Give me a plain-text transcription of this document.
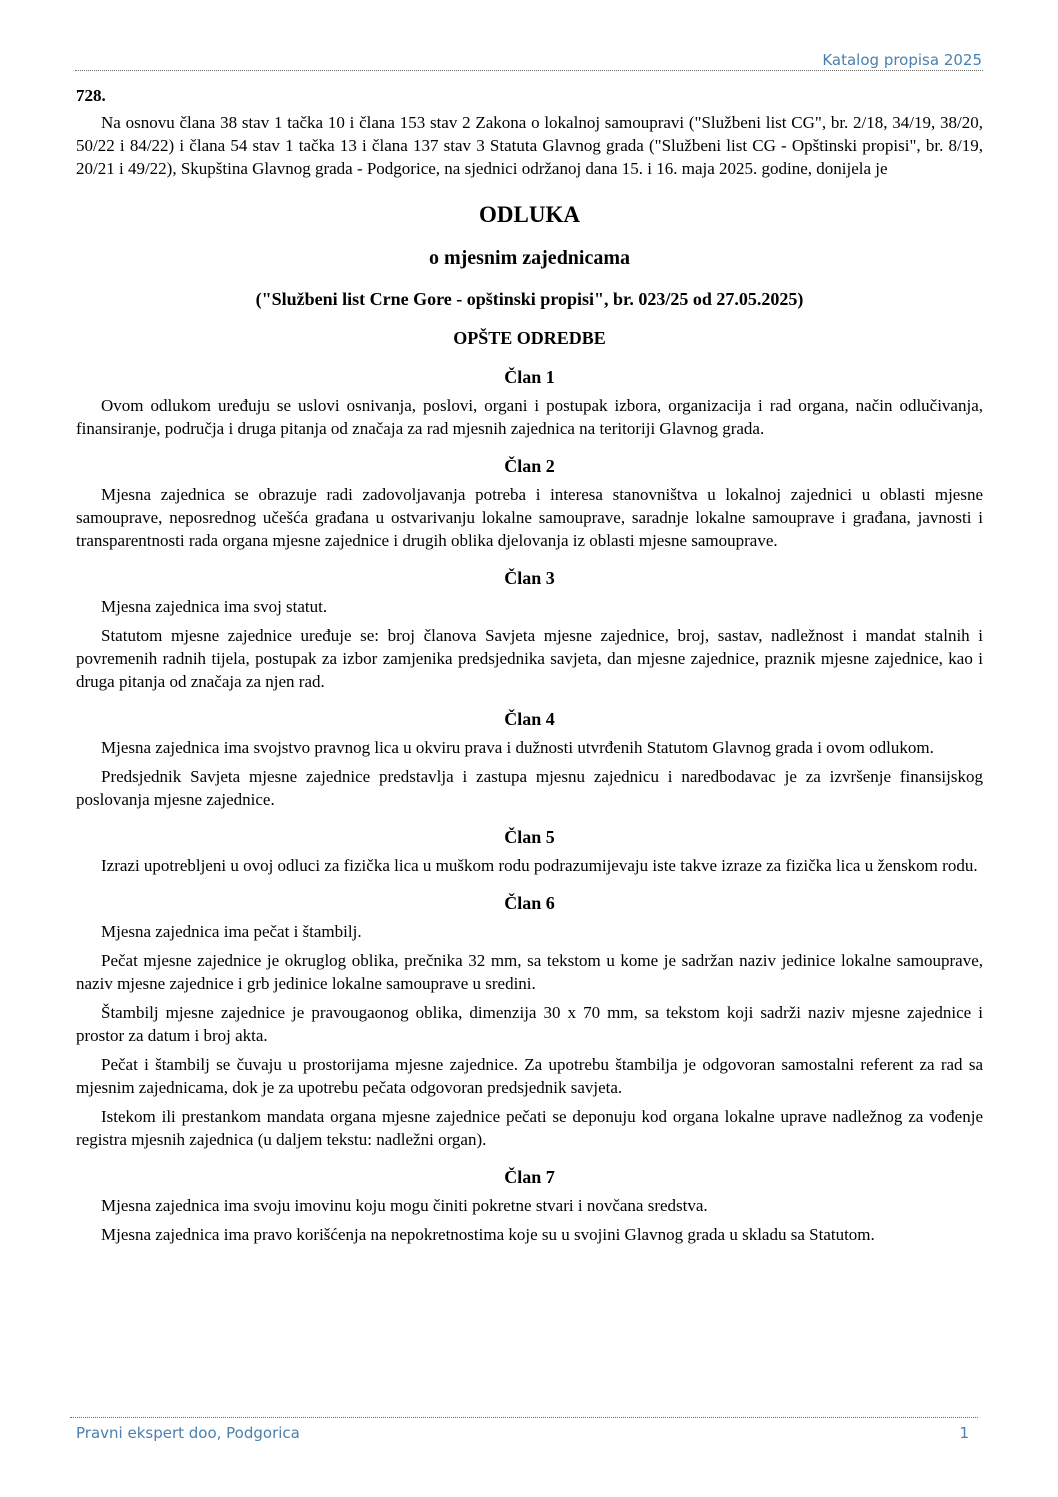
Katalog propisa 2025
728.

Na osnovu člana 38 stav 1 tačka 10 i člana 153 stav 2 Zakona o lokalnoj samoupravi ("Službeni list CG", br. 2/18, 34/19, 38/20, 50/22 i 84/22) i člana 54 stav 1 tačka 13 i člana 137 stav 3 Statuta Glavnog grada ("Službeni list CG - Opštinski propisi", br. 8/19, 20/21 i 49/22), Skupština Glavnog grada - Podgorice, na sjednici održanoj dana 15. i 16. maja 2025. godine, donijela je

ODLUKA
o mjesnim zajednicama
("Službeni list Crne Gore - opštinski propisi", br. 023/25 od 27.05.2025)
OPŠTE ODREDBE
Član 1

Ovom odlukom uređuju se uslovi osnivanja, poslovi, organi i postupak izbora, organizacija i rad organa, način odlučivanja, finansiranje, područja i druga pitanja od značaja za rad mjesnih zajednica na teritoriji Glavnog grada.

Član 2

Mjesna zajednica se obrazuje radi zadovoljavanja potreba i interesa stanovništva u lokalnoj zajednici u oblasti mjesne samouprave, neposrednog učešća građana u ostvarivanju lokalne samouprave, saradnje lokalne samouprave i građana, javnosti i transparentnosti rada organa mjesne zajednice i drugih oblika djelovanja iz oblasti mjesne samouprave.

Član 3

Mjesna zajednica ima svoj statut.

Statutom mjesne zajednice uređuje se: broj članova Savjeta mjesne zajednice, broj, sastav, nadležnost i mandat stalnih i povremenih radnih tijela, postupak za izbor zamjenika predsjednika savjeta, dan mjesne zajednice, praznik mjesne zajednice, kao i druga pitanja od značaja za njen rad.

Član 4

Mjesna zajednica ima svojstvo pravnog lica u okviru prava i dužnosti utvrđenih Statutom Glavnog grada i ovom odlukom.

Predsjednik Savjeta mjesne zajednice predstavlja i zastupa mjesnu zajednicu i naredbodavac je za izvršenje finansijskog poslovanja mjesne zajednice.

Član 5

Izrazi upotrebljeni u ovoj odluci za fizička lica u muškom rodu podrazumijevaju iste takve izraze za fizička lica u ženskom rodu.

Član 6

Mjesna zajednica ima pečat i štambilj.

Pečat mjesne zajednice je okruglog oblika, prečnika 32 mm, sa tekstom u kome je sadržan naziv jedinice lokalne samouprave, naziv mjesne zajednice i grb jedinice lokalne samouprave u sredini.

Štambilj mjesne zajednice je pravougaonog oblika, dimenzija 30 x 70 mm, sa tekstom koji sadrži naziv mjesne zajednice i prostor za datum i broj akta.

Pečat i štambilj se čuvaju u prostorijama mjesne zajednice. Za upotrebu štambilja je odgovoran samostalni referent za rad sa mjesnim zajednicama, dok je za upotrebu pečata odgovoran predsjednik savjeta.

Istekom ili prestankom mandata organa mjesne zajednice pečati se deponuju kod organa lokalne uprave nadležnog za vođenje registra mjesnih zajednica (u daljem tekstu: nadležni organ).

Član 7

Mjesna zajednica ima svoju imovinu koju mogu činiti pokretne stvari i novčana sredstva.

Mjesna zajednica ima pravo korišćenja na nepokretnostima koje su u svojini Glavnog grada u skladu sa Statutom.

Pravni ekspert doo, Podgorica	1
